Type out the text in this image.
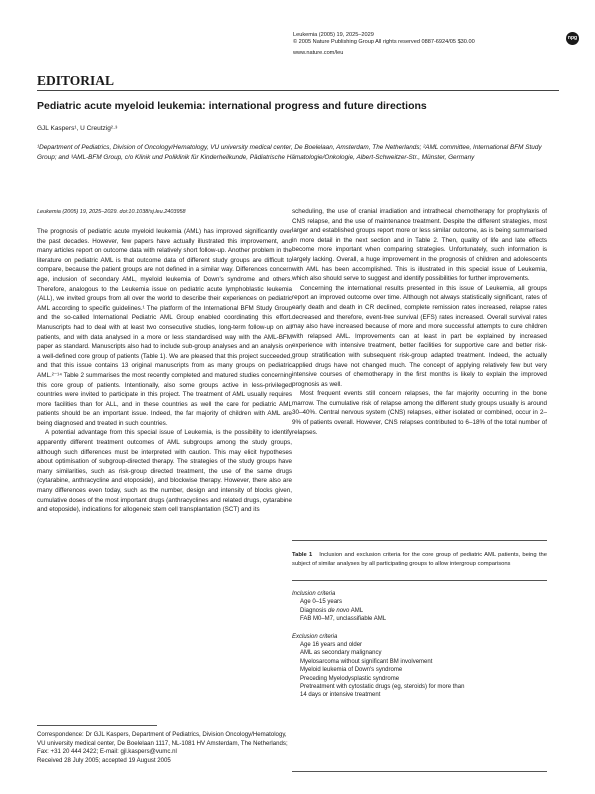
Leukemia (2005) 19, 2025–2029
© 2005 Nature Publishing Group All rights reserved 0887-6924/05 $30.00
www.nature.com/leu
npg
EDITORIAL
Pediatric acute myeloid leukemia: international progress and future directions
GJL Kaspers¹, U Creutzig²·³
¹Department of Pediatrics, Division of Oncology/Hematology, VU university medical center, De Boelelaan, Amsterdam, The Netherlands; ²AML committee, International BFM Study Group; and ³AML-BFM Group, c/o Klinik und Poliklinik für Kinderheilkunde, Pädiatrische Hämatologie/Onkologie, Albert-Schweitzer-Str., Münster, Germany
Leukemia (2005) 19, 2025–2029. doi:10.1038/sj.leu.2403958

The prognosis of pediatric acute myeloid leukemia (AML) has improved significantly over the past decades. However, few papers have actually illustrated this improvement, and many articles report on outcome data with relatively short follow-up. Another problem in the literature on pediatric AML is that outcome data of different study groups are difficult to compare, because the patient groups are not defined in a similar way. Differences concern age, inclusion of secondary AML, myeloid leukemia of Down's syndrome and others. Therefore, analogous to the Leukemia issue on pediatric acute lymphoblastic leukemia (ALL), we invited groups from all over the world to describe their experiences on pediatric AML according to specific guidelines.¹ The platform of the International BFM Study Group and the so-called International Pediatric AML Group enabled coordinating this effort. Manuscripts had to deal with at least two consecutive studies, long-term follow-up on all patients, and with data analysed in a more or less standardised way with the AML-BFM paper as standard. Manuscripts also had to include sub-group analyses and an analysis on a well-defined core group of patients (Table 1). We are pleased that this project succeeded, and that this issue contains 13 original manuscripts from as many groups on pediatric AML.²⁻¹⁴ Table 2 summarises the most recently completed and matured studies concerning this core group of patients. Intentionally, also some groups active in less-privileged countries were invited to participate in this project. The treatment of AML usually requires more facilities than for ALL, and in these countries as well the care for pediatric AML patients should be an important issue. Indeed, the far majority of children with AML are being diagnosed and treated in such countries.

A potential advantage from this special issue of Leukemia, is the possibility to identify apparently different treatment outcomes of AML subgroups among the study groups, although such differences must be interpreted with caution. This may elicit hypotheses about optimisation of subgroup-directed therapy. The strategies of the study groups have many similarities, such as risk-group directed treatment, the use of the same drugs (cytarabine, anthracycline and etoposide), and blockwise therapy. However, there also are many differences even today, such as the number, design and intensity of blocks given, cumulative doses of the most important drugs (anthracyclines and related drugs, cytarabine and etoposide), indications for allogeneic stem cell transplantation (SCT) and its

scheduling, the use of cranial irradiation and intrathecal chemotherapy for prophylaxis of CNS relapse, and the use of maintenance treatment. Despite the different strategies, most larger and established groups report more or less similar outcome, as is being summarised in more detail in the next section and in Table 2. Then, quality of life and late effects become more important when comparing strategies. Unfortunately, such information is largely lacking. Overall, a huge improvement in the prognosis of children and adolescents with AML has been accomplished. This is illustrated in this special issue of Leukemia, which also should serve to suggest and identify possibilities for further improvements.

Concerning the international results presented in this issue of Leukemia, all groups report an improved outcome over time. Although not always statistically significant, rates of early death and death in CR declined, complete remission rates increased, relapse rates decreased and therefore, event-free survival (EFS) rates increased. Overall survival rates may also have increased because of more and more successful attempts to cure children with relapsed AML. Improvements can at least in part be explained by increased experience with intensive treatment, better facilities for supportive care and better risk-group stratification with subsequent risk-group adapted treatment. Indeed, the actually applied drugs have not changed much. The concept of applying relatively few but very intensive courses of chemotherapy in the first months is likely to explain the improved prognosis as well.

Most frequent events still concern relapses, the far majority occurring in the bone marrow. The cumulative risk of relapse among the different study groups usually is around 30–40%. Central nervous system (CNS) relapses, either isolated or combined, occur in 2–9% of patients overall. However, CNS relapses contributed to 6–18% of the total number of relapses.

Correspondence: Dr GJL Kaspers, Department of Pediatrics, Division Oncology/Hematology, VU university medical center, De Boelelaan 1117, NL-1081 HV Amsterdam, The Netherlands; Fax: +31 20 444 2422; E-mail: gjl.kaspers@vumc.nl
Received 28 July 2005; accepted 19 August 2005
Table 1 Inclusion and exclusion criteria for the core group of pediatric AML patients, being the subject of similar analyses by all participating groups to allow intergroup comparisons
Inclusion criteria
Age 0–15 years
Diagnosis de novo AML
FAB M0–M7, unclassifiable AML
Exclusion criteria
Age 16 years and older
AML as secondary malignancy
Myelosarcoma without significant BM involvement
Myeloid leukemia of Down's syndrome
Preceding Myelodysplastic syndrome
Pretreatment with cytostatic drugs (eg, steroids) for more than
14 days or intensive treatment
